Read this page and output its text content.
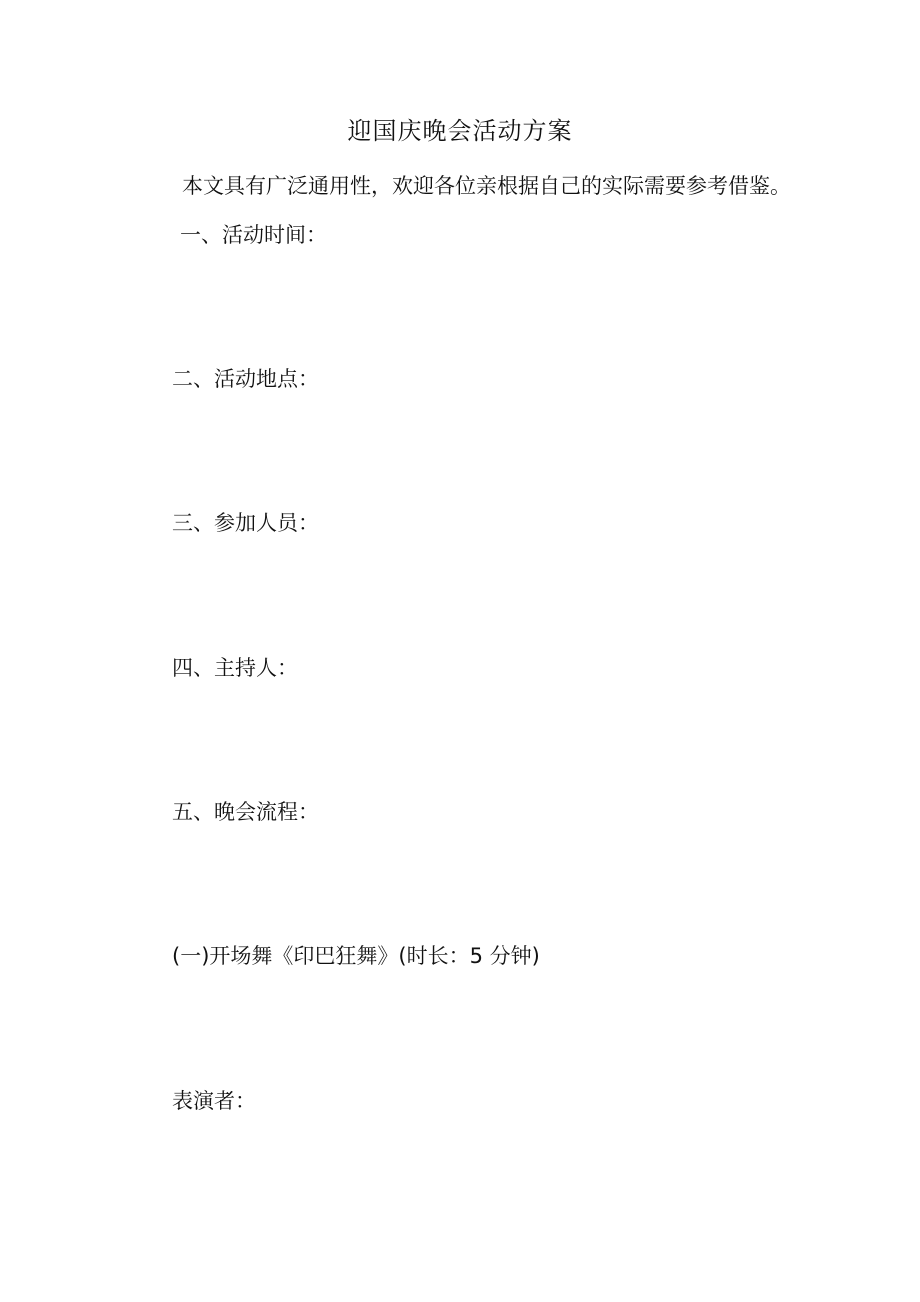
迎国庆晚会活动方案
本文具有广泛通用性，欢迎各位亲根据自己的实际需要参考借鉴。
一、活动时间：
二、活动地点：
三、参加人员：
四、主持人：
五、晚会流程：
(一)开场舞《印巴狂舞》(时长：5 分钟)
表演者：
